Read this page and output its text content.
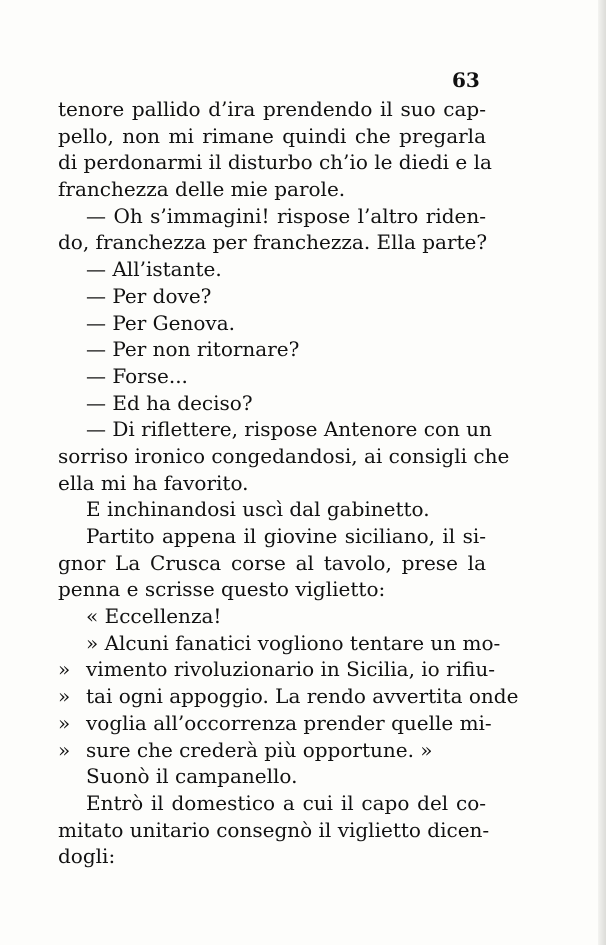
63
tenore pallido d’ira prendendo il suo cap-
pello, non mi rimane quindi che pregarla
di perdonarmi il disturbo ch’io le diedi e la
franchezza delle mie parole.
— Oh s’immagini! rispose l’altro riden-
do, franchezza per franchezza. Ella parte?
— All’istante.
— Per dove?
— Per Genova.
— Per non ritornare?
— Forse...
— Ed ha deciso?
— Di riflettere, rispose Antenore con un
sorriso ironico congedandosi, ai consigli che
ella mi ha favorito.
E inchinandosi uscì dal gabinetto.
Partito appena il giovine siciliano, il si-
gnor La Crusca corse al tavolo, prese la
penna e scrisse questo viglietto:
« Eccellenza!
» Alcuni fanatici vogliono tentare un mo-
» vimento rivoluzionario in Sicilia, io rifiu-
» tai ogni appoggio. La rendo avvertita onde
» voglia all’occorrenza prender quelle mi-
» sure che crederà più opportune. »
Suonò il campanello.
Entrò il domestico a cui il capo del co-
mitato unitario consegnò il viglietto dicen-
dogli:
